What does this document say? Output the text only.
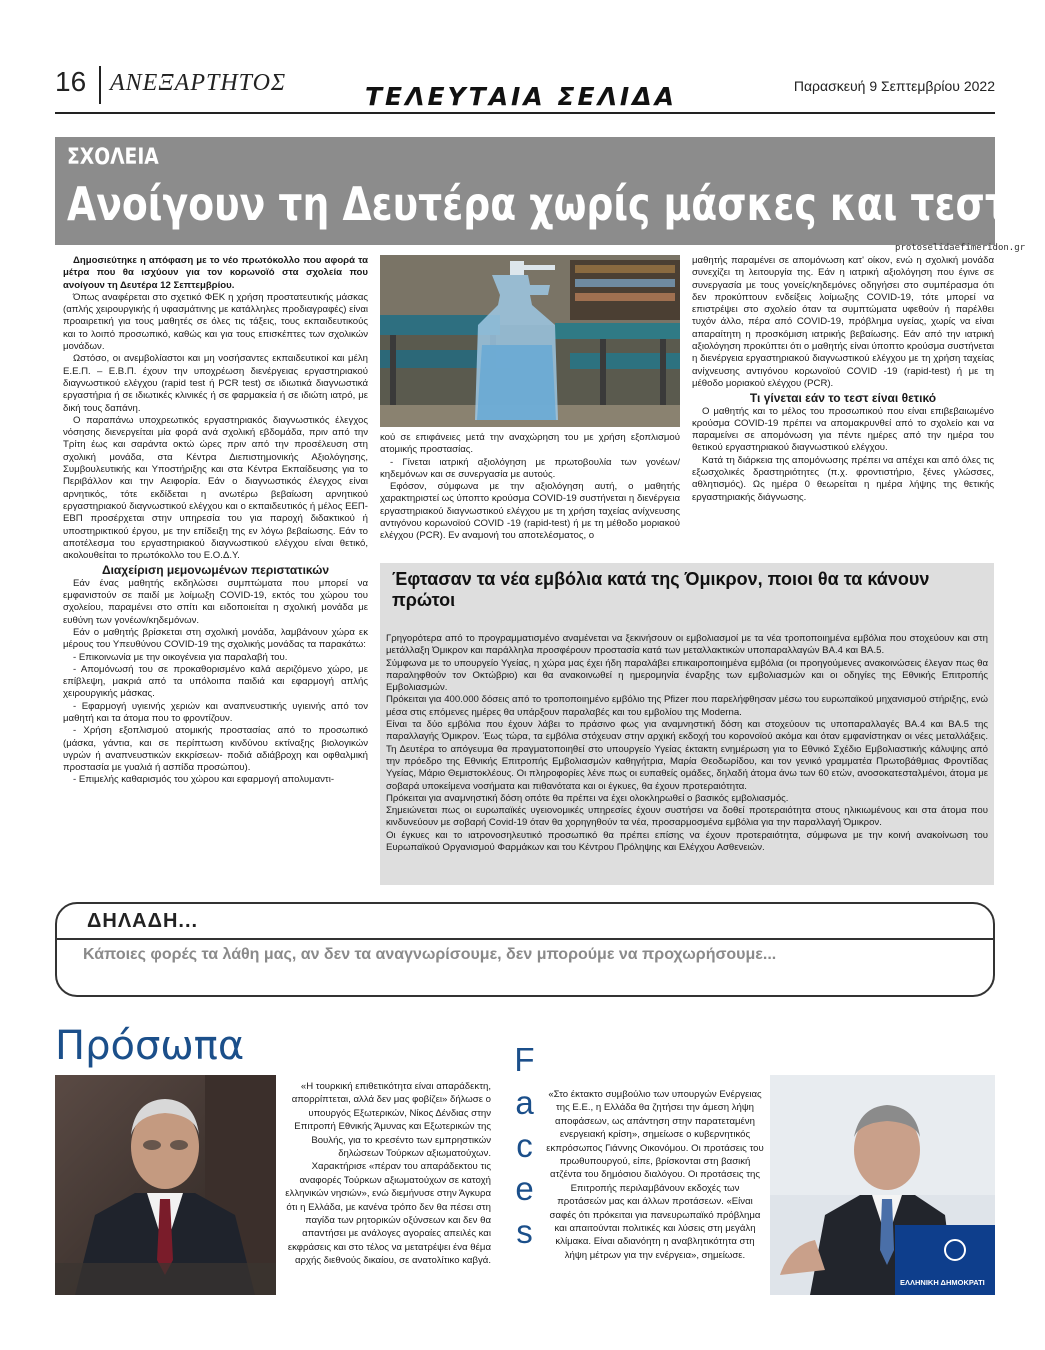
16 ΑΝΕΞΑΡΤΗΤΟΣ	ΤΕΛΕΥΤΑΙΑ ΣΕΛΙΔΑ	Παρασκευή 9 Σεπτεμβρίου 2022
ΣΧΟΛΕΙΑ
Ανοίγουν τη Δευτέρα χωρίς μάσκες και τεστ
protoselidaefimeridon.gr

Δημοσιεύτηκε η απόφαση με το νέο πρωτόκολλο που αφορά τα μέτρα που θα ισχύουν για τον κορωνοϊό στα σχολεία που ανοίγουν τη Δευτέρα 12 Σεπτεμβρίου.

Όπως αναφέρεται στο σχετικό ΦΕΚ η χρήση προστατευτικής μάσκας (απλής χειρουργικής ή υφασμάτινης με κατάλληλες προδιαγραφές) είναι προαιρετική για τους μαθητές σε όλες τις τάξεις, τους εκπαιδευτικούς και το λοιπό προσωπικό, καθώς και για τους επισκέπτες των σχολικών μονάδων.

Ωστόσο, οι ανεμβολίαστοι και μη νοσήσαντες εκπαιδευτικοί και μέλη Ε.Ε.Π. – Ε.Β.Π. έχουν την υποχρέωση διενέργειας εργαστηριακού διαγνωστικού ελέγχου (rapid test ή PCR test) σε ιδιωτικά διαγνωστικά εργαστήρια ή σε ιδιωτικές κλινικές ή σε φαρμακεία ή σε ιδιώτη ιατρό, με δική τους δαπάνη.

Ο παραπάνω υποχρεωτικός εργαστηριακός διαγνωστικός έλεγχος νόσησης διενεργείται μία φορά ανά σχολική εβδομάδα, πριν από την Τρίτη έως και σαράντα οκτώ ώρες πριν από την προσέλευση στη σχολική μονάδα, στα Κέντρα Διεπιστημονικής Αξιολόγησης, Συμβουλευτικής και Υποστήριξης και στα Κέντρα Εκπαίδευσης για το Περιβάλλον και την Αειφορία. Εάν ο διαγνωστικός έλεγχος είναι αρνητικός, τότε εκδίδεται η ανωτέρω βεβαίωση αρνητικού εργαστηριακού διαγνωστικού ελέγχου και ο εκπαιδευτικός ή μέλος ΕΕΠ-ΕΒΠ προσέρχεται στην υπηρεσία του για παροχή διδακτικού ή υποστηρικτικού έργου, με την επίδειξη της εν λόγω βεβαίωσης. Εάν το αποτέλεσμα του εργαστηριακού διαγνωστικού ελέγχου είναι θετικό, ακολουθείται το πρωτόκολλο του Ε.Ο.Δ.Υ.

Διαχείριση μεμονωμένων περιστατικών

Εάν ένας μαθητής εκδηλώσει συμπτώματα που μπορεί να εμφανιστούν σε παιδί με λοίμωξη COVID-19, εκτός του χώρου του σχολείου, παραμένει στο σπίτι και ειδοποιείται η σχολική μονάδα με ευθύνη των γονέων/κηδεμόνων.

Εάν ο μαθητής βρίσκεται στη σχολική μονάδα, λαμβάνουν χώρα εκ μέρους του Υπευθύνου COVID-19 της σχολικής μονάδας τα παρακάτω:

- Επικοινωνία με την οικογένεια για παραλαβή του.

- Απομόνωσή του σε προκαθορισμένο καλά αεριζόμενο χώρο, με επίβλεψη, μακριά από τα υπόλοιπα παιδιά και εφαρμογή απλής χειρουργικής μάσκας.

- Εφαρμογή υγιεινής χεριών και αναπνευστικής υγιεινής από τον μαθητή και τα άτομα που το φροντίζουν.

- Χρήση εξοπλισμού ατομικής προστασίας από το προσωπικό (μάσκα, γάντια, και σε περίπτωση κινδύνου εκτίναξης βιολογικών υγρών ή αναπνευστικών εκκρίσεων- ποδιά αδιάβροχη και οφθαλμική προστασία με γυαλιά ή ασπίδα προσώπου).

- Επιμελής καθαρισμός του χώρου και εφαρμογή απολυμαντι-

κού σε επιφάνειες μετά την αναχώρηση του με χρήση εξοπλισμού ατομικής προστασίας.

- Γίνεται ιατρική αξιολόγηση με πρωτοβουλία των γονέων/κηδεμόνων και σε συνεργασία με αυτούς.

Εφόσον, σύμφωνα με την αξιολόγηση αυτή, ο μαθητής χαρακτηριστεί ως ύποπτο κρούσμα COVID-19 συστήνεται η διενέργεια εργαστηριακού διαγνωστικού ελέγχου με τη χρήση ταχείας ανίχνευσης αντιγόνου κορωνοϊού COVID -19 (rapid-test) ή με τη μέθοδο μοριακού ελέγχου (PCR). Εν αναμονή του αποτελέσματος, ο

μαθητής παραμένει σε απομόνωση κατ' οίκον, ενώ η σχολική μονάδα συνεχίζει τη λειτουργία της. Εάν η ιατρική αξιολόγηση που έγινε σε συνεργασία με τους γονείς/κηδεμόνες οδηγήσει στο συμπέρασμα ότι δεν προκύπτουν ενδείξεις λοίμωξης COVID-19, τότε μπορεί να επιστρέψει στο σχολείο όταν τα συμπτώματα υφεθούν ή παρέλθει τυχόν άλλο, πέρα από COVID-19, πρόβλημα υγείας, χωρίς να είναι απαραίτητη η προσκόμιση ιατρικής βεβαίωσης. Εάν από την ιατρική αξιολόγηση προκύπτει ότι ο μαθητής είναι ύποπτο κρούσμα συστήνεται η διενέργεια εργαστηριακού διαγνωστικού ελέγχου με τη χρήση ταχείας ανίχνευσης αντιγόνου κορωνοϊού COVID -19 (rapid-test) ή με τη μέθοδο μοριακού ελέγχου (PCR).

Τι γίνεται εάν το τεστ είναι θετικό

Ο μαθητής και το μέλος του προσωπικού που είναι επιβεβαιωμένο κρούσμα COVID-19 πρέπει να απομακρυνθεί από το σχολείο και να παραμείνει σε απομόνωση για πέντε ημέρες από την ημέρα του θετικού εργαστηριακού διαγνωστικού ελέγχου.

Κατά τη διάρκεια της απομόνωσης πρέπει να απέχει και από όλες τις εξωσχολικές δραστηριότητες (π.χ. φροντιστήριο, ξένες γλώσσες, αθλητισμός). Ως ημέρα 0 θεωρείται η ημέρα λήψης της θετικής εργαστηριακής διάγνωσης.

Έφτασαν τα νέα εμβόλια κατά της Όμικρον, ποιοι θα τα κάνουν πρώτοι
Γρηγορότερα από το προγραμματισμένο αναμένεται να ξεκινήσουν οι εμβολιασμοί με τα νέα τροποποιημένα εμβόλια που στοχεύουν και στη μετάλλαξη Όμικρον και παράλληλα προσφέρουν προστασία κατά των μεταλλακτικών υποπαραλλαγών BA.4 και BA.5.
Σύμφωνα με το υπουργείο Υγείας, η χώρα μας έχει ήδη παραλάβει επικαιροποιημένα εμβόλια (οι προηγούμενες ανακοινώσεις έλεγαν πως θα παραληφθούν τον Οκτώβριο) και θα ανακοινωθεί η ημερομηνία έναρξης των εμβολιασμών και οι οδηγίες της Εθνικής Επιτροπής Εμβολιασμών.
Πρόκειται για 400.000 δόσεις από το τροποποιημένο εμβόλιο της Pfizer που παρελήφθησαν μέσω του ευρωπαϊκού μηχανισμού στήριξης, ενώ μέσα στις επόμενες ημέρες θα υπάρξουν παραλαβές και του εμβολίου της Moderna.
Είναι τα δύο εμβόλια που έχουν λάβει το πράσινο φως για αναμνηστική δόση και στοχεύουν τις υποπαραλλαγές BA.4 και BA.5 της παραλλαγής Όμικρον. Έως τώρα, τα εμβόλια στόχευαν στην αρχική εκδοχή του κορονοϊού ακόμα και όταν εμφανίστηκαν οι νέες μεταλλάξεις. Τη Δευτέρα το απόγευμα θα πραγματοποιηθεί στο υπουργείο Υγείας έκτακτη ενημέρωση για το Εθνικό Σχέδιο Εμβολιαστικής κάλυψης από την πρόεδρο της Εθνικής Επιτροπής Εμβολιασμών καθηγήτρια, Μαρία Θεοδωρίδου, και τον γενικό γραμματέα Πρωτοβάθμιας Φροντίδας Υγείας, Μάριο Θεμιστοκλέους. Οι πληροφορίες λένε πως οι ευπαθείς ομάδες, δηλαδή άτομα άνω των 60 ετών, ανοσοκατεσταλμένοι, άτομα με σοβαρά υποκείμενα νοσήματα και πιθανότατα και οι έγκυες, θα έχουν προτεραιότητα.
Πρόκειται για αναμνηστική δόση οπότε θα πρέπει να έχει ολοκληρωθεί ο βασικός εμβολιασμός.
Σημειώνεται πως οι ευρωπαϊκές υγειονομικές υπηρεσίες έχουν συστήσει να δοθεί προτεραιότητα στους ηλικιωμένους και στα άτομα που κινδυνεύουν με σοβαρή Covid-19 όταν θα χορηγηθούν τα νέα, προσαρμοσμένα εμβόλια για την παραλλαγή Όμικρον.
Οι έγκυες και το ιατρονοσηλευτικό προσωπικό θα πρέπει επίσης να έχουν προτεραιότητα, σύμφωνα με την κοινή ανακοίνωση του Ευρωπαϊκού Οργανισμού Φαρμάκων και του Κέντρου Πρόληψης και Ελέγχου Ασθενειών.
ΔΗΛΑΔΗ...
Κάποιες φορές τα λάθη μας, αν δεν τα αναγνωρίσουμε, δεν μπορούμε να προχωρήσουμε...
Πρόσωπα	F
a
c
e
s
«Η τουρκική επιθετικότητα είναι απαράδεκτη, απορρίπτεται, αλλά δεν μας φοβίζει» δήλωσε ο υπουργός Εξωτερικών, Νίκος Δένδιας στην Επιτροπή Εθνικής Άμυνας και Εξωτερικών της Βουλής, για το κρεσέντο των εμπρηστικών δηλώσεων Τούρκων αξιωματούχων. Χαρακτήρισε «πέραν του απαράδεκτου τις αναφορές Τούρκων αξιωματούχων σε κατοχή ελληνικών νησιών», ενώ διεμήνυσε στην Άγκυρα ότι η Ελλάδα, με κανένα τρόπο δεν θα πέσει στη παγίδα των ρητορικών οξύνσεων και δεν θα απαντήσει με ανάλογες αγοραίες απειλές και εκφράσεις και στο τέλος να μετατρέψει ένα θέμα αρχής διεθνούς δικαίου, σε ανατολίτικο καβγά.
«Στο έκτακτο συμβούλιο των υπουργών Ενέργειας της Ε.Ε., η Ελλάδα θα ζητήσει την άμεση λήψη αποφάσεων, ως απάντηση στην παρατεταμένη ενεργειακή κρίση», σημείωσε ο κυβερνητικός εκπρόσωπος Γιάννης Οικονόμου. Οι προτάσεις του πρωθυπουργού, είπε, βρίσκονται στη βασική ατζέντα του δημόσιου διαλόγου. Οι προτάσεις της Επιτροπής περιλαμβάνουν εκδοχές των προτάσεών μας και άλλων προτάσεων. «Είναι σαφές ότι πρόκειται για πανευρωπαϊκό πρόβλημα και απαιτούνται πολιτικές και λύσεις στη μεγάλη κλίμακα. Είναι αδιανόητη η αναβλητικότητα στη λήψη μέτρων για την ενέργεια», σημείωσε.
ΕΛΛΗΝΙΚΗ ΔΗΜΟΚΡΑΤΙ
